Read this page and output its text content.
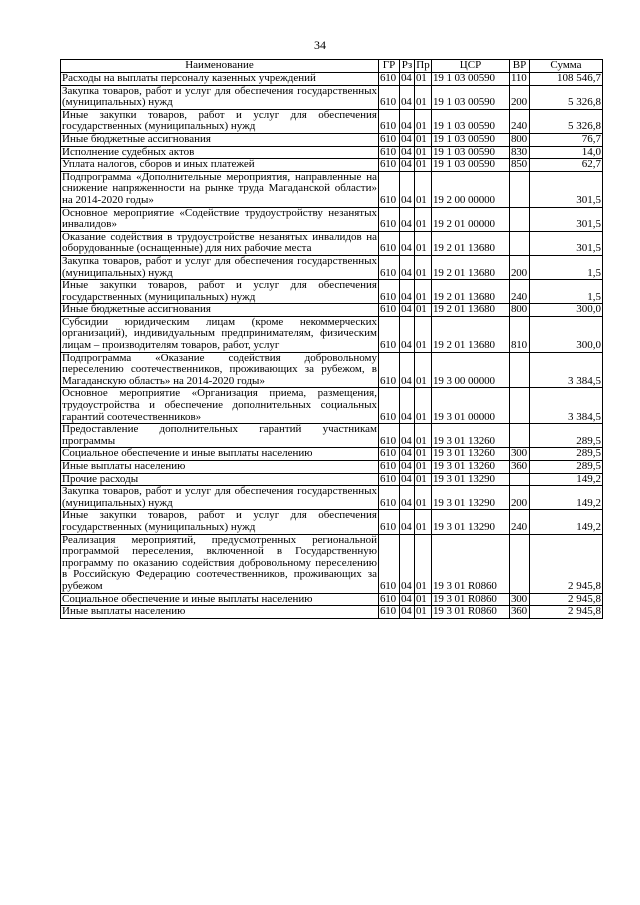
34
Наименование	ГР	Рз	Пр	ЦСР	ВР	Сумма
Расходы на выплаты персоналу казенных учреждений	610	04	01	19 1 03 00590	110	108 546,7
Закупка товаров, работ и услуг для обеспечения государственных (муниципальных) нужд	610	04	01	19 1 03 00590	200	5 326,8
Иные закупки товаров, работ и услуг для обеспечения государственных (муниципальных) нужд	610	04	01	19 1 03 00590	240	5 326,8
Иные бюджетные ассигнования	610	04	01	19 1 03 00590	800	76,7
Исполнение судебных актов	610	04	01	19 1 03 00590	830	14,0
Уплата налогов, сборов и иных платежей	610	04	01	19 1 03 00590	850	62,7
Подпрограмма «Дополнительные мероприятия, направленные на снижение напряженности на рынке труда Магаданской области» на 2014-2020 годы»	610	04	01	19 2 00 00000		301,5
Основное мероприятие «Содействие трудоустройству незанятых инвалидов»	610	04	01	19 2 01 00000		301,5
Оказание содействия в трудоустройстве незанятых инвалидов на оборудованные (оснащенные) для них рабочие места	610	04	01	19 2 01 13680		301,5
Закупка товаров, работ и услуг для обеспечения государственных (муниципальных) нужд	610	04	01	19 2 01 13680	200	1,5
Иные закупки товаров, работ и услуг для обеспечения государственных (муниципальных) нужд	610	04	01	19 2 01 13680	240	1,5
Иные бюджетные ассигнования	610	04	01	19 2 01 13680	800	300,0
Субсидии юридическим лицам (кроме некоммерческих организаций), индивидуальным предпринимателям, физическим лицам – производителям товаров, работ, услуг	610	04	01	19 2 01 13680	810	300,0
Подпрограмма «Оказание содействия добровольному переселению соотечественников, проживающих за рубежом, в Магаданскую область» на 2014-2020 годы»	610	04	01	19 3 00 00000		3 384,5
Основное мероприятие «Организация приема, размещения, трудоустройства и обеспечение дополнительных социальных гарантий соотечественников»	610	04	01	19 3 01 00000		3 384,5
Предоставление дополнительных гарантий участникам программы	610	04	01	19 3 01 13260		289,5
Социальное обеспечение и иные выплаты населению	610	04	01	19 3 01 13260	300	289,5
Иные выплаты населению	610	04	01	19 3 01 13260	360	289,5
Прочие расходы	610	04	01	19 3 01 13290		149,2
Закупка товаров, работ и услуг для обеспечения государственных (муниципальных) нужд	610	04	01	19 3 01 13290	200	149,2
Иные закупки товаров, работ и услуг для обеспечения государственных (муниципальных) нужд	610	04	01	19 3 01 13290	240	149,2
Реализация мероприятий, предусмотренных региональной программой переселения, включенной в Государственную программу по оказанию содействия добровольному переселению в Российскую Федерацию соотечественников, проживающих за рубежом	610	04	01	19 3 01 R0860		2 945,8
Социальное обеспечение и иные выплаты населению	610	04	01	19 3 01 R0860	300	2 945,8
Иные выплаты населению	610	04	01	19 3 01 R0860	360	2 945,8
